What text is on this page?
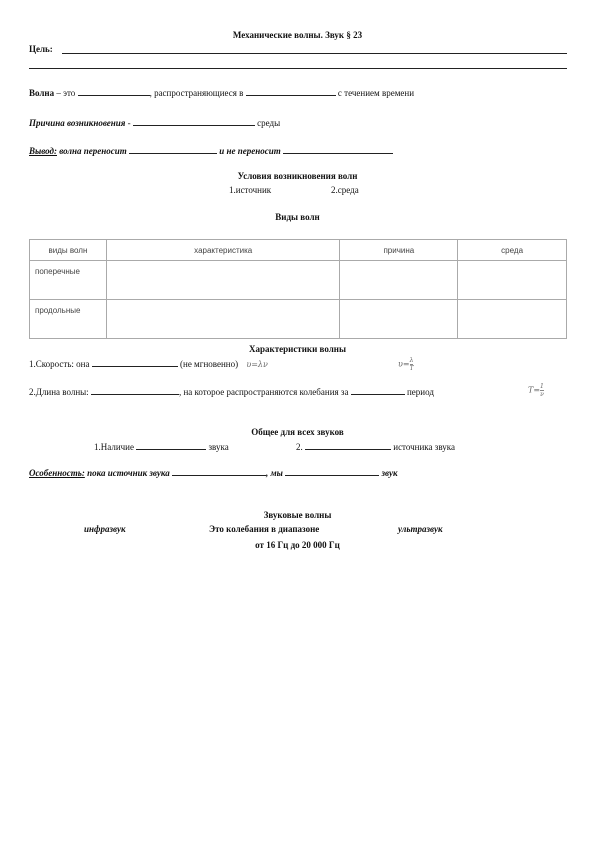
Механические волны. Звук § 23
Цель:
Волна – это	, распространяющиеся в	с течением времени
Причина возникновения -	среды
Вывод: волна переносит	и не переносит
Условия возникновения волн
1.источник	2.среда
Виды волн
виды волн	характеристика	причина	среда
поперечные			
продольные			
Характеристики волны
1.Скорость: она	(не мгновенно) υ=λν	$\upsilon= \frac{\lambda}{T}$
2.Длина волны:	, на которое распространяются колебания за	период	$T= \frac{1}{\nu}$
Общее для всех звуков
1.Наличие	звука	2.	источника звука
Особенность: пока источник звука	, мы	звук
Звуковые волны
инфразвук	Это колебания в диапазоне	ультразвук
от 16 Гц до 20 000 Гц
